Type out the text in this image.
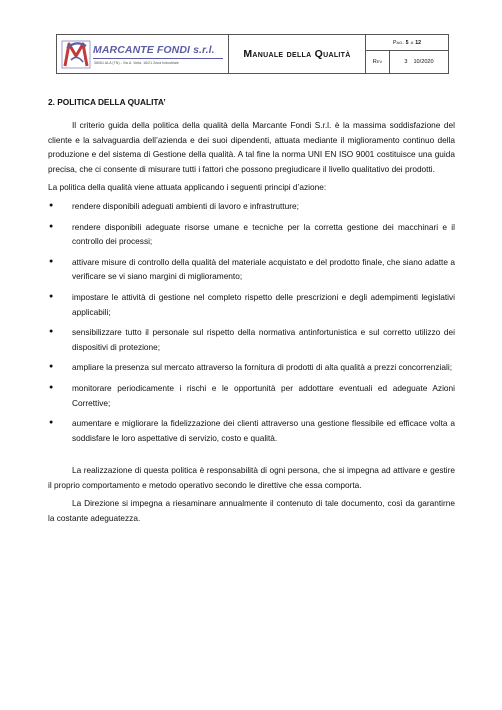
MARCANTE FONDI s.r.l.
38061 ALA (TN) - Via A. Volta, 16/21 Zona Industriale
Manuale della Qualità
Pag. 5 a 12
Rev	3 10/2020
2. POLITICA DELLA QUALITA’

Il criterio guida della politica della qualità della Marcante Fondi S.r.l. è la massima soddisfazione del cliente e la salvaguardia dell’azienda e dei suoi dipendenti, attuata mediante il miglioramento continuo della produzione e del sistema di Gestione della qualità. A tal fine la norma UNI EN ISO 9001 costituisce una guida precisa, che ci consente di misurare tutti i fattori che possono pregiudicare il livello qualitativo dei prodotti.

La politica della qualità viene attuata applicando i seguenti principi d’azione:

● rendere disponibili adeguati ambienti di lavoro e infrastrutture;
● rendere disponibili adeguate risorse umane e tecniche per la corretta gestione dei macchinari e il controllo dei processi;
● attivare misure di controllo della qualità del materiale acquistato e del prodotto finale, che siano adatte a verificare se vi siano margini di miglioramento;
● impostare le attività di gestione nel completo rispetto delle prescrizioni e degli adempimenti legislativi applicabili;
● sensibilizzare tutto il personale sul rispetto della normativa antinfortunistica e sul corretto utilizzo dei dispositivi di protezione;
● ampliare la presenza sul mercato attraverso la fornitura di prodotti di alta qualità a prezzi concorrenziali;
● monitorare periodicamente i rischi e le opportunità per addottare eventuali ed adeguate Azioni Correttive;
● aumentare e migliorare la fidelizzazione dei clienti attraverso una gestione flessibile ed efficace volta a soddisfare le loro aspettative di servizio, costo e qualità.

La realizzazione di questa politica è responsabilità di ogni persona, che si impegna ad attivare e gestire il proprio comportamento e metodo operativo secondo le direttive che essa comporta.

La Direzione si impegna a riesaminare annualmente il contenuto di tale documento, così da garantirne la costante adeguatezza.
